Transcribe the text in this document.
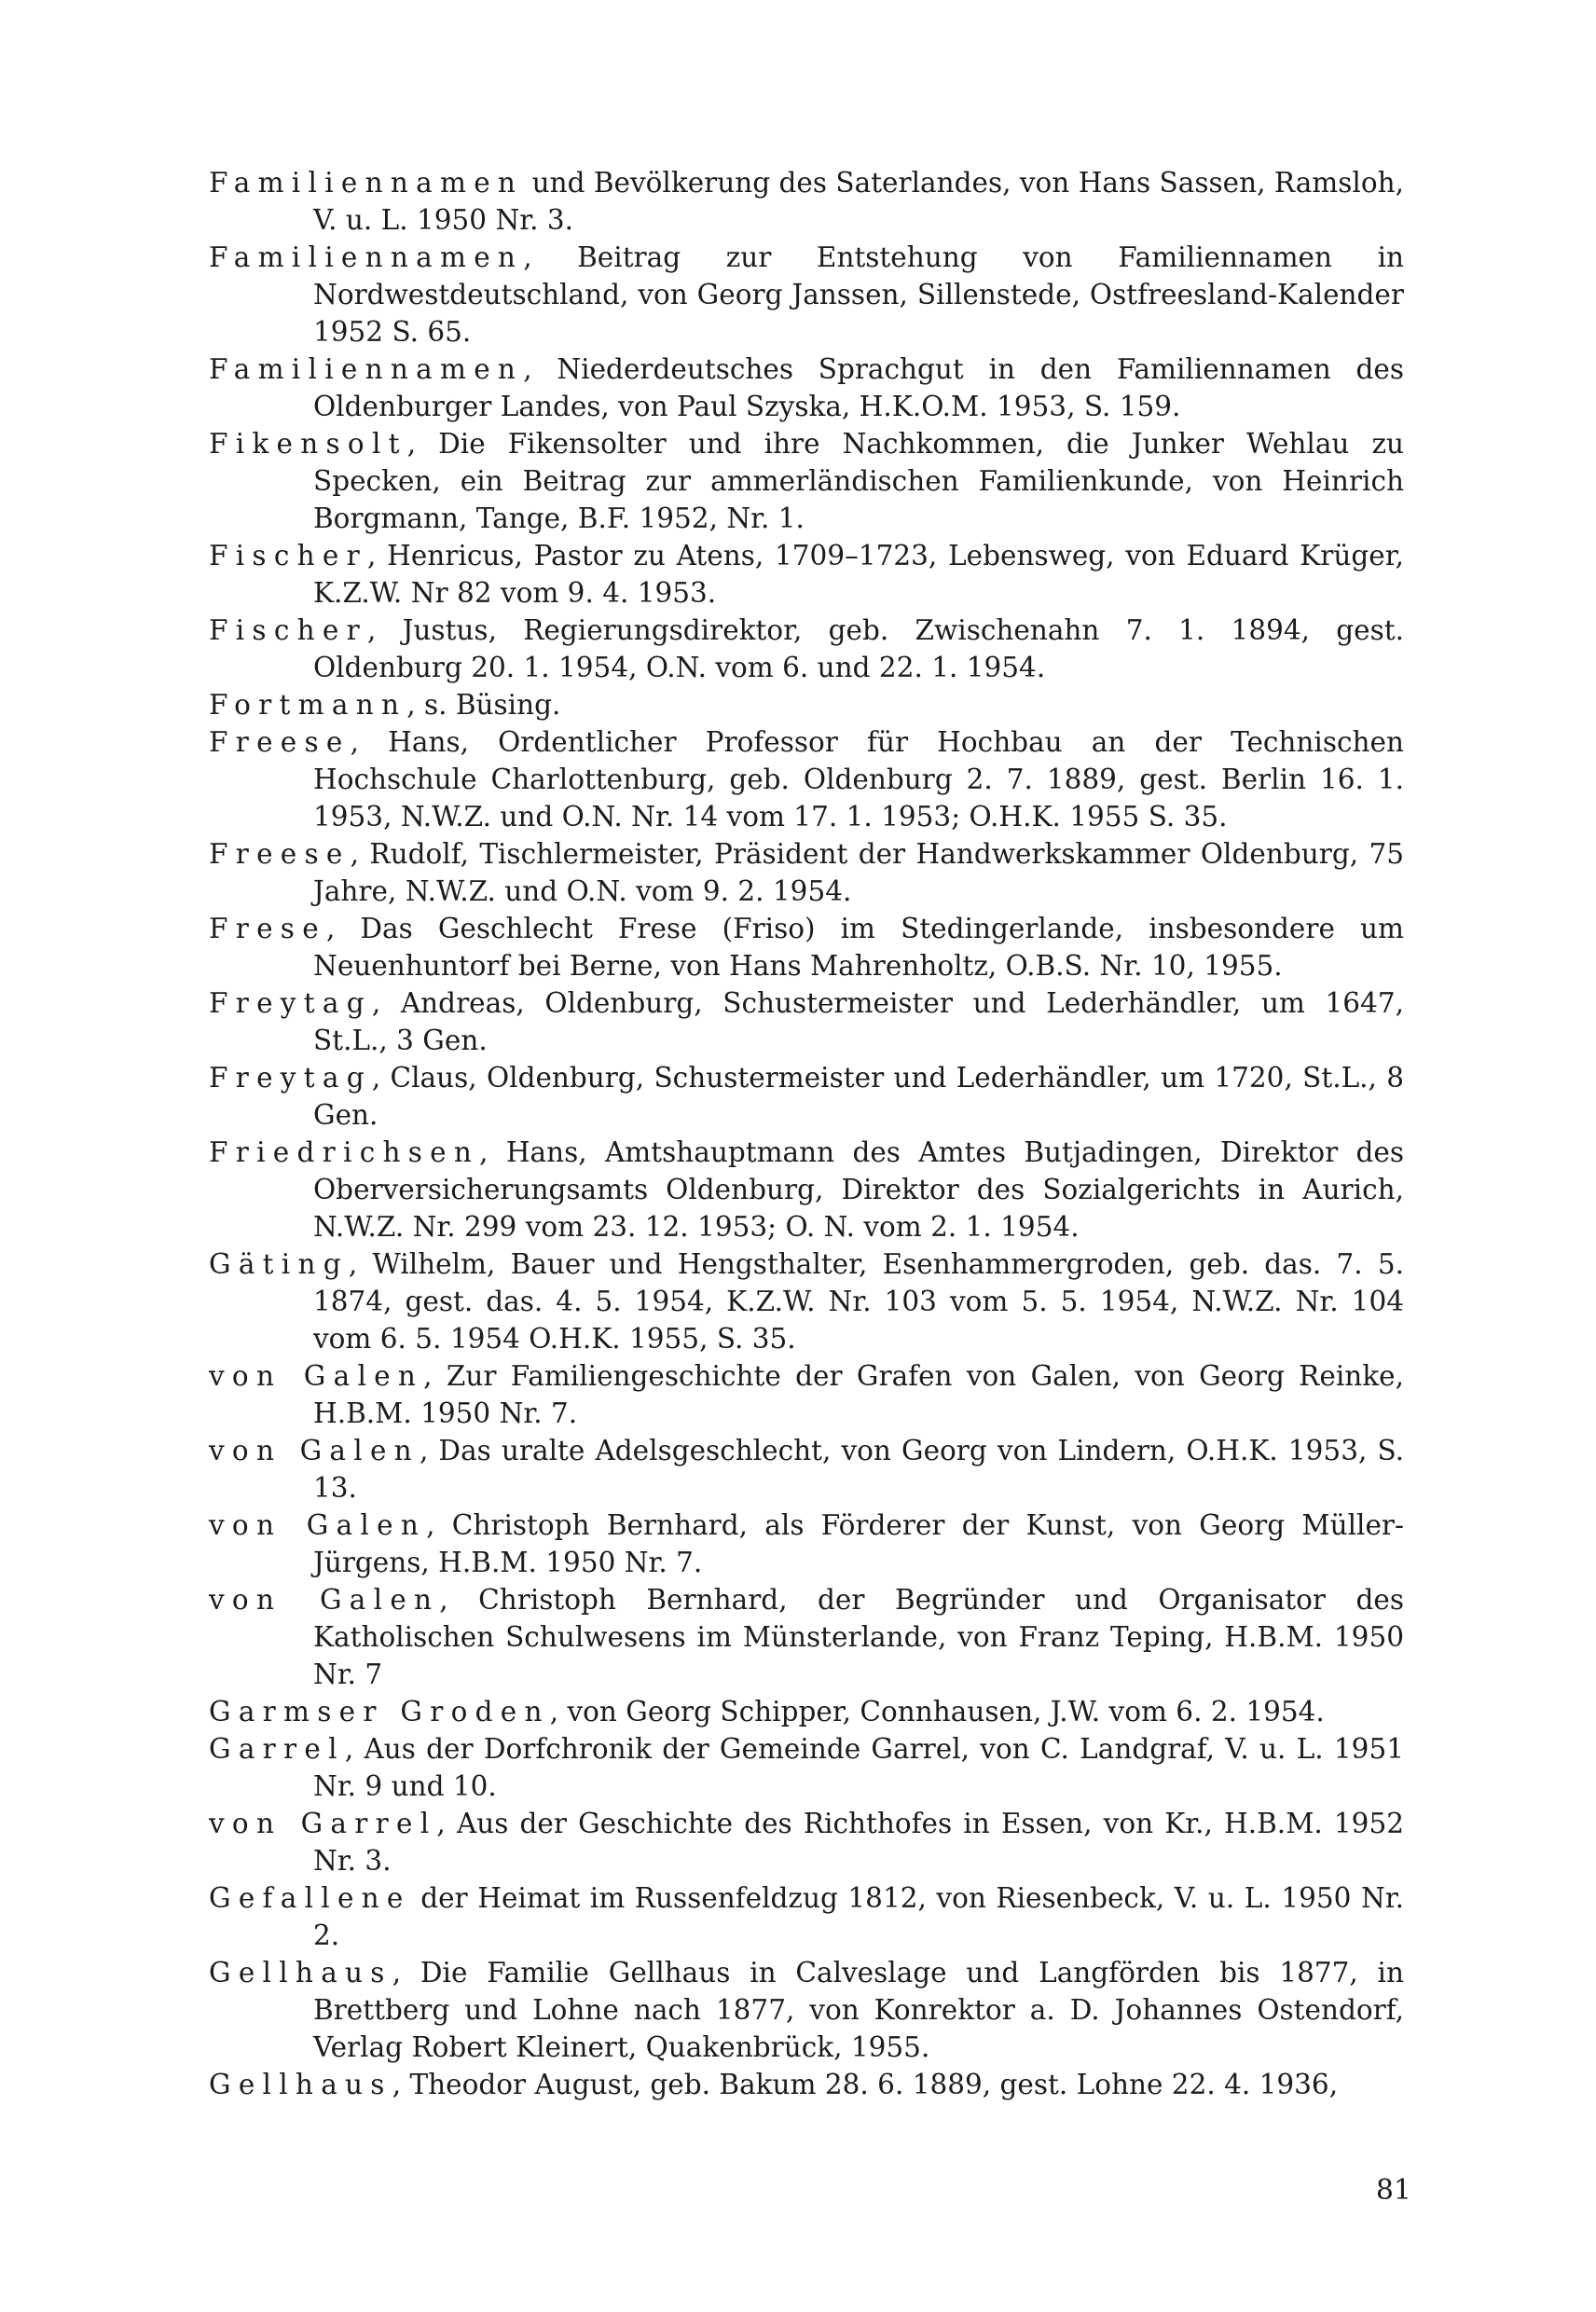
Familiennamen und Bevölkerung des Saterlandes, von Hans Sassen, Ramsloh, V. u. L. 1950 Nr. 3.

Familiennamen, Beitrag zur Entstehung von Familiennamen in Nordwestdeutschland, von Georg Janssen, Sillenstede, Ostfreesland-Kalender 1952 S. 65.

Familiennamen, Niederdeutsches Sprachgut in den Familiennamen des Oldenburger Landes, von Paul Szyska, H.K.O.M. 1953, S. 159.

Fikensolt, Die Fikensolter und ihre Nachkommen, die Junker Wehlau zu Specken, ein Beitrag zur ammerländischen Familienkunde, von Heinrich Borgmann, Tange, B.F. 1952, Nr. 1.

Fischer, Henricus, Pastor zu Atens, 1709–1723, Lebensweg, von Eduard Krüger, K.Z.W. Nr 82 vom 9. 4. 1953.

Fischer, Justus, Regierungsdirektor, geb. Zwischenahn 7. 1. 1894, gest. Oldenburg 20. 1. 1954, O.N. vom 6. und 22. 1. 1954.

Fortmann, s. Büsing.

Freese, Hans, Ordentlicher Professor für Hochbau an der Technischen Hochschule Charlottenburg, geb. Oldenburg 2. 7. 1889, gest. Berlin 16. 1. 1953, N.W.Z. und O.N. Nr. 14 vom 17. 1. 1953; O.H.K. 1955 S. 35.

Freese, Rudolf, Tischlermeister, Präsident der Handwerkskammer Oldenburg, 75 Jahre, N.W.Z. und O.N. vom 9. 2. 1954.

Frese, Das Geschlecht Frese (Friso) im Stedingerlande, insbesondere um Neuenhuntorf bei Berne, von Hans Mahrenholtz, O.B.S. Nr. 10, 1955.

Freytag, Andreas, Oldenburg, Schustermeister und Lederhändler, um 1647, St.L., 3 Gen.

Freytag, Claus, Oldenburg, Schustermeister und Lederhändler, um 1720, St.L., 8 Gen.

Friedrichsen, Hans, Amtshauptmann des Amtes Butjadingen, Direktor des Oberversicherungsamts Oldenburg, Direktor des Sozialgerichts in Aurich, N.W.Z. Nr. 299 vom 23. 12. 1953; O. N. vom 2. 1. 1954.

Gäting, Wilhelm, Bauer und Hengsthalter, Esenhammergroden, geb. das. 7. 5. 1874, gest. das. 4. 5. 1954, K.Z.W. Nr. 103 vom 5. 5. 1954, N.W.Z. Nr. 104 vom 6. 5. 1954 O.H.K. 1955, S. 35.

von Galen, Zur Familiengeschichte der Grafen von Galen, von Georg Reinke, H.B.M. 1950 Nr. 7.

von Galen, Das uralte Adelsgeschlecht, von Georg von Lindern, O.H.K. 1953, S. 13.

von Galen, Christoph Bernhard, als Förderer der Kunst, von Georg Müller-Jürgens, H.B.M. 1950 Nr. 7.

von Galen, Christoph Bernhard, der Begründer und Organisator des Katholischen Schulwesens im Münsterlande, von Franz Teping, H.B.M. 1950 Nr. 7

Garmser Groden, von Georg Schipper, Connhausen, J.W. vom 6. 2. 1954.

Garrel, Aus der Dorfchronik der Gemeinde Garrel, von C. Landgraf, V. u. L. 1951 Nr. 9 und 10.

von Garrel, Aus der Geschichte des Richthofes in Essen, von Kr., H.B.M. 1952 Nr. 3.

Gefallene der Heimat im Russenfeldzug 1812, von Riesenbeck, V. u. L. 1950 Nr. 2.

Gellhaus, Die Familie Gellhaus in Calveslage und Langförden bis 1877, in Brettberg und Lohne nach 1877, von Konrektor a. D. Johannes Ostendorf, Verlag Robert Kleinert, Quakenbrück, 1955.

Gellhaus, Theodor August, geb. Bakum 28. 6. 1889, gest. Lohne 22. 4. 1936,

81
